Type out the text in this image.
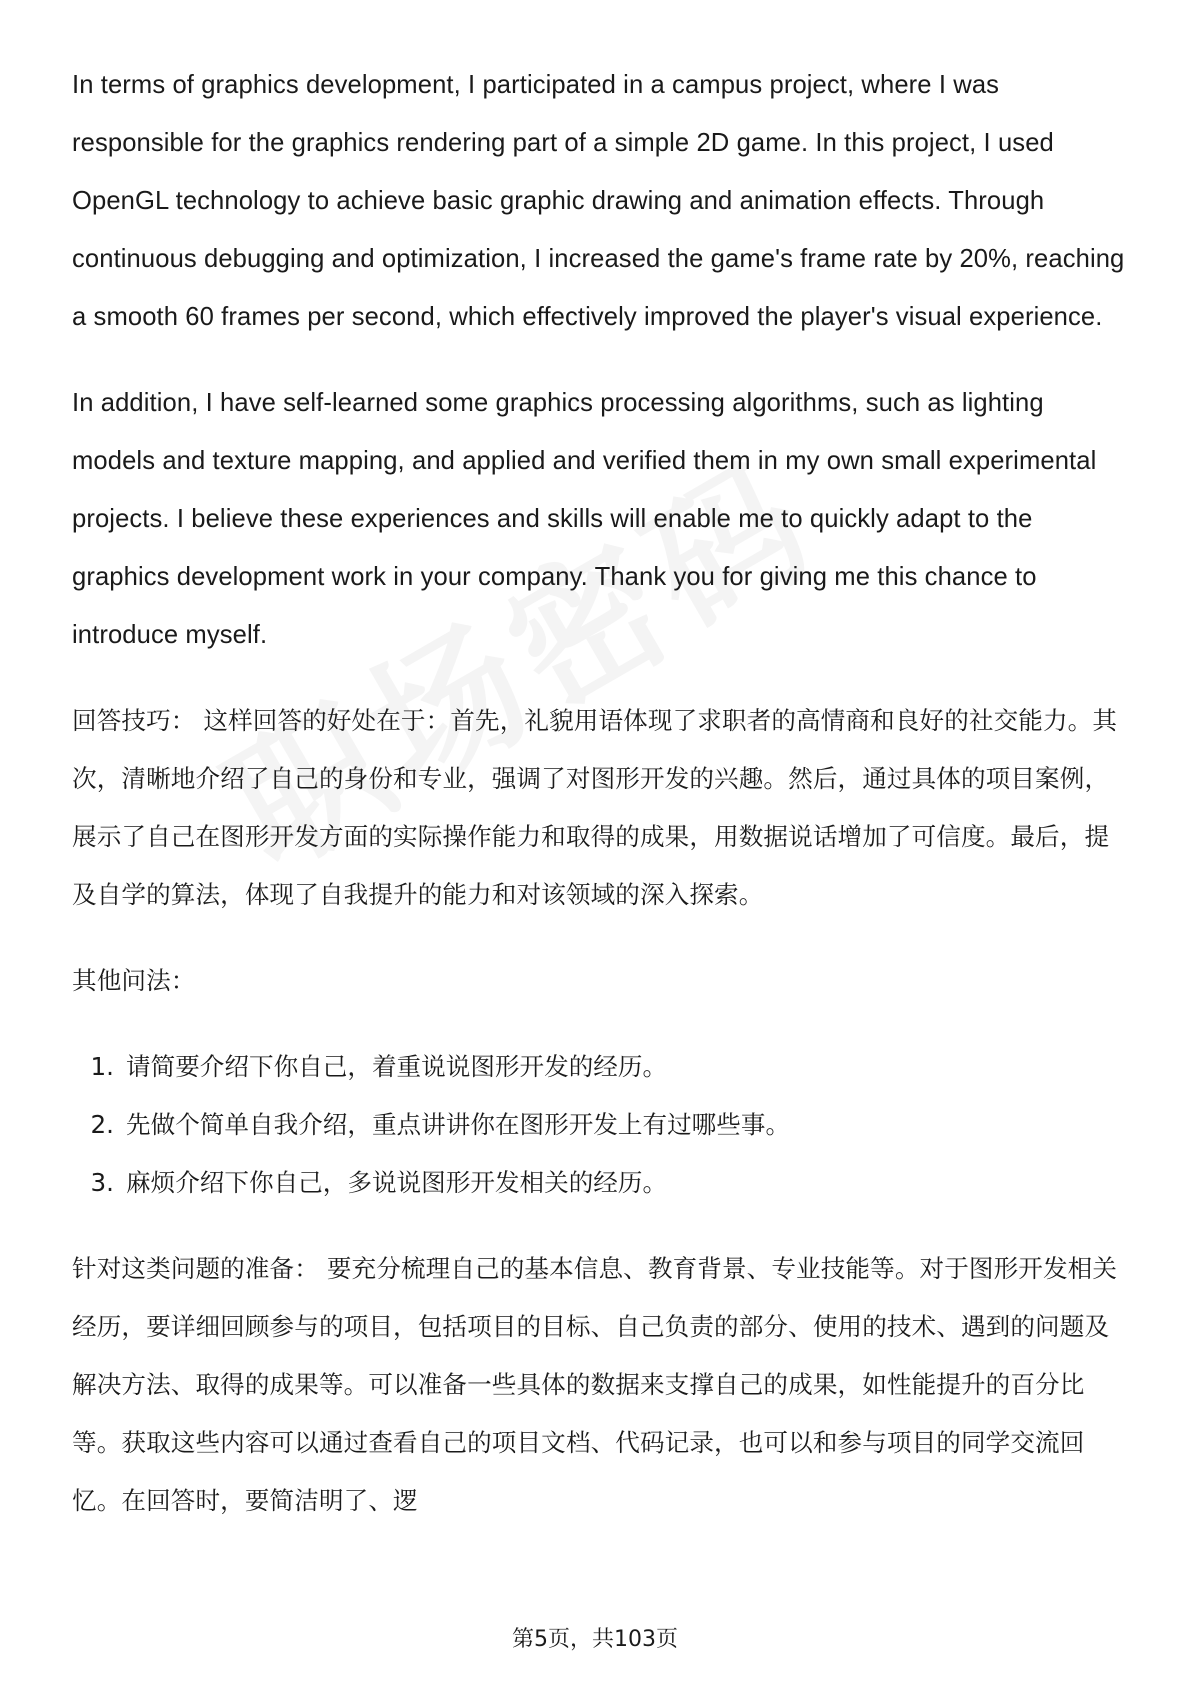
In terms of graphics development, I participated in a campus project, where I was responsible for the graphics rendering part of a simple 2D game. In this project, I used OpenGL technology to achieve basic graphic drawing and animation effects. Through continuous debugging and optimization, I increased the game's frame rate by 20%, reaching a smooth 60 frames per second, which effectively improved the player's visual experience.

In addition, I have self-learned some graphics processing algorithms, such as lighting models and texture mapping, and applied and verified them in my own small experimental projects. I believe these experiences and skills will enable me to quickly adapt to the graphics development work in your company. Thank you for giving me this chance to introduce myself.

回答技巧： 这样回答的好处在于：首先，礼貌用语体现了求职者的高情商和良好的社交能力。其次，清晰地介绍了自己的身份和专业，强调了对图形开发的兴趣。然后，通过具体的项目案例，展示了自己在图形开发方面的实际操作能力和取得的成果，用数据说话增加了可信度。最后，提及自学的算法，体现了自我提升的能力和对该领域的深入探索。

其他问法：

1. 请简要介绍下你自己，着重说说图形开发的经历。
2. 先做个简单自我介绍，重点讲讲你在图形开发上有过哪些事。
3. 麻烦介绍下你自己，多说说图形开发相关的经历。

针对这类问题的准备： 要充分梳理自己的基本信息、教育背景、专业技能等。对于图形开发相关经历，要详细回顾参与的项目，包括项目的目标、自己负责的部分、使用的技术、遇到的问题及解决方法、取得的成果等。可以准备一些具体的数据来支撑自己的成果，如性能提升的百分比等。获取这些内容可以通过查看自己的项目文档、代码记录，也可以和参与项目的同学交流回忆。在回答时，要简洁明了、逻

第5页，共103页
